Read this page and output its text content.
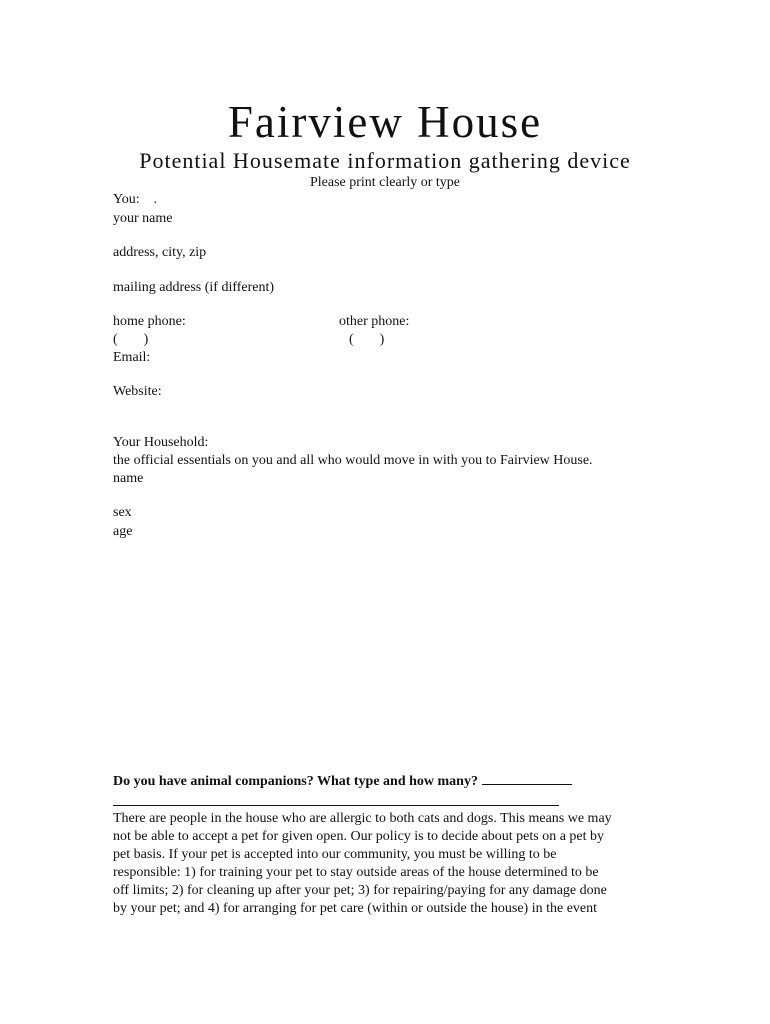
Fairview House
Potential Housemate information gathering device
Please print clearly or type
You: .
your name
address, city, zip
mailing address (if different)
home phone:	other phone:
( )	( )
Email:
Website:
Your Household:
the official essentials on you and all who would move in with you to Fairview House.
name
sex
age
Do you have animal companions? What type and how many?
There are people in the house who are allergic to both cats and dogs. This means we may
not be able to accept a pet for given open. Our policy is to decide about pets on a pet by
pet basis. If your pet is accepted into our community, you must be willing to be
responsible: 1) for training your pet to stay outside areas of the house determined to be
off limits; 2) for cleaning up after your pet; 3) for repairing/paying for any damage done
by your pet; and 4) for arranging for pet care (within or outside the house) in the event
